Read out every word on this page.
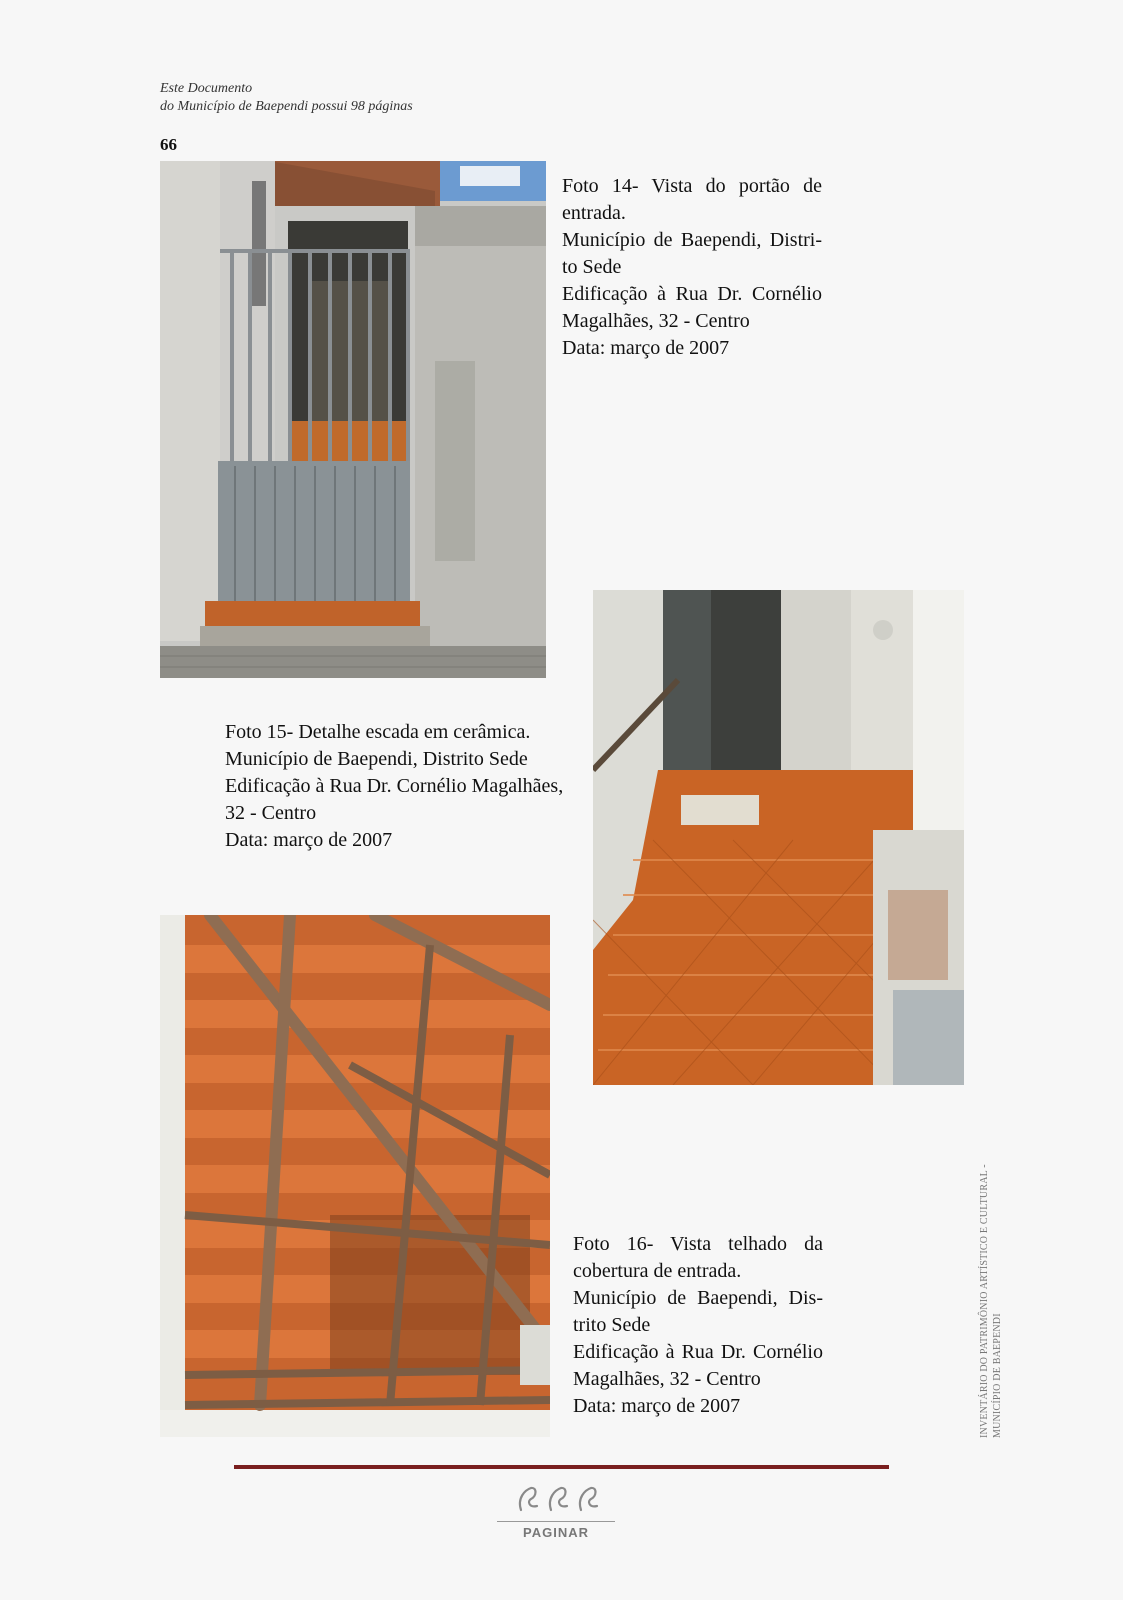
Este Documento
do Município de Baependi possui 98 páginas
66
Foto 14- Vista do portão de
entrada.
Município de Baependi, Distri-
to Sede
Edificação à Rua Dr. Cornélio
Magalhães, 32 - Centro
Data: março de 2007
Foto 15- Detalhe escada em cerâmica.
Município de Baependi, Distrito Sede
Edificação à Rua Dr. Cornélio Magalhães,
32 - Centro
Data: março de 2007
Foto 16- Vista telhado da
cobertura de entrada.
Município de Baependi, Dis-
trito Sede
Edificação à Rua Dr. Cornélio
Magalhães, 32 - Centro
Data: março de 2007	INVENTÁRIO DO PATRIMÔNIO ARTÍSTICO E CULTURAL - MUNICÍPIO DE BAEPENDI
PAGINAR
